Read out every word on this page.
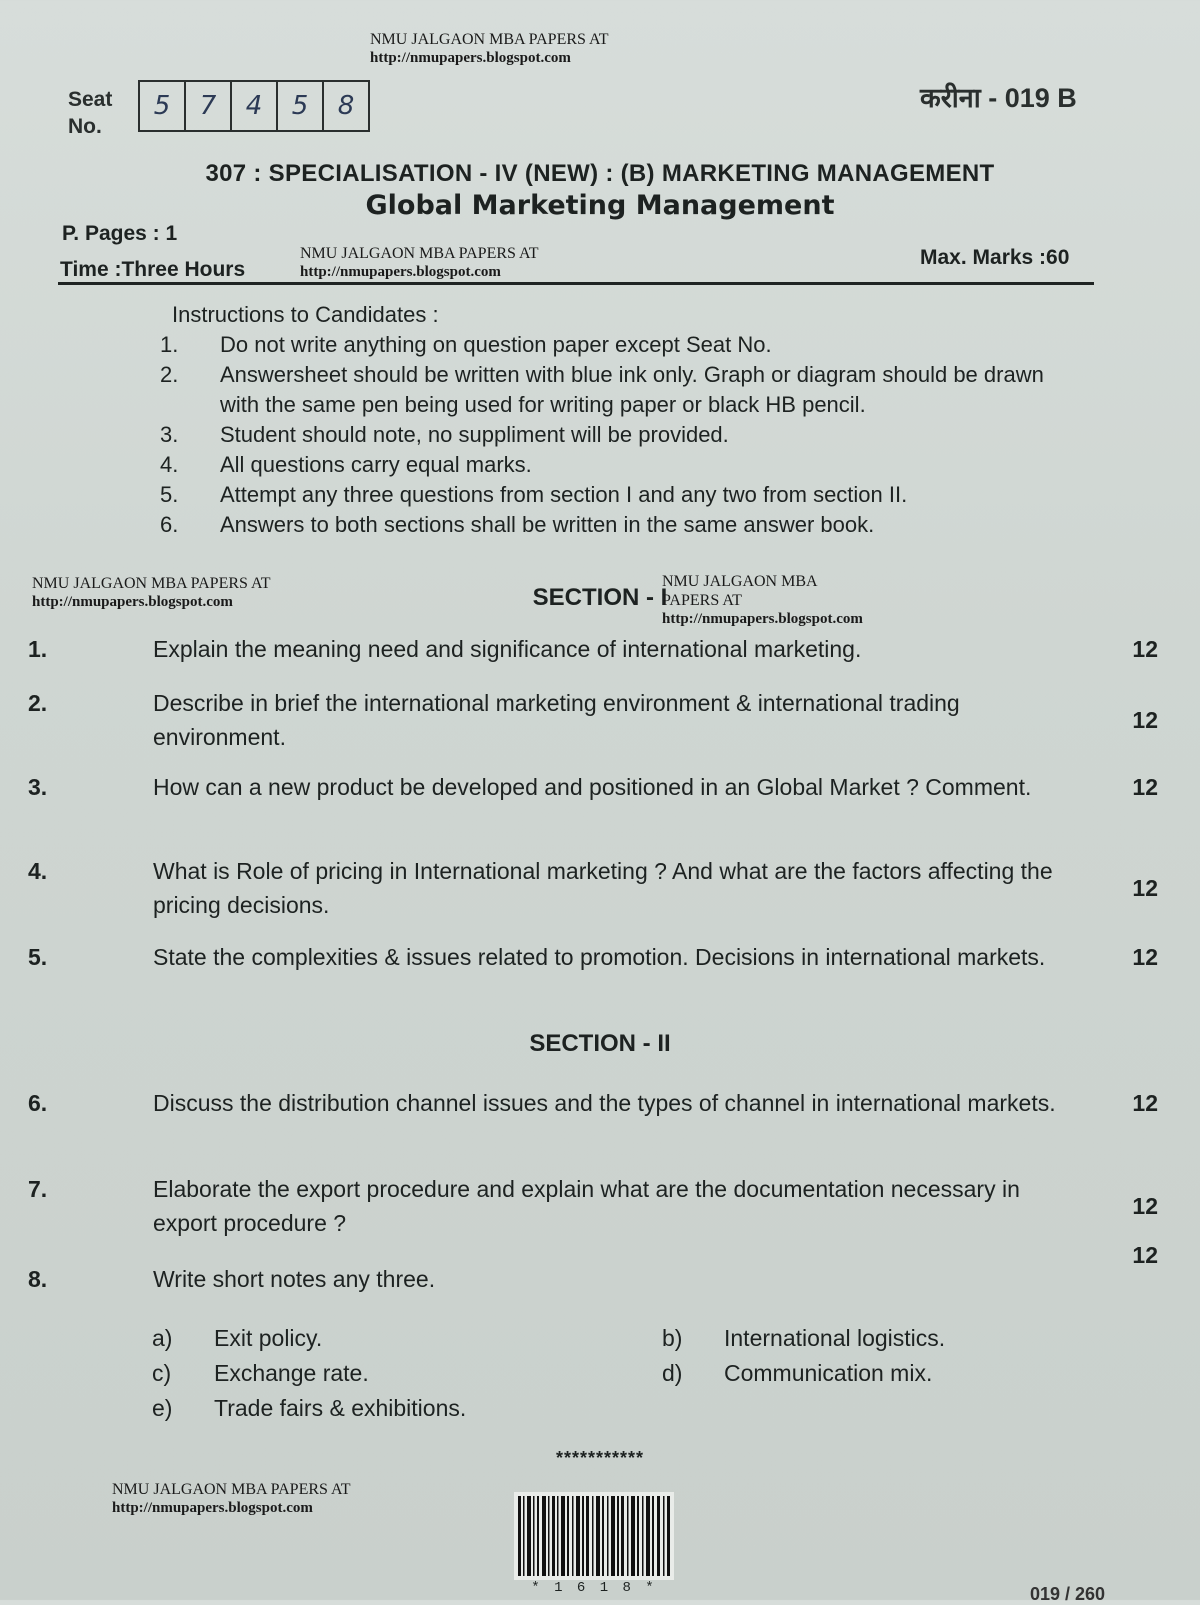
NMU JALGAON MBA PAPERS AT
http://nmupapers.blogspot.com
Seat
No.
5	7	4	5	8	करीना - 019 B
307 : SPECIALISATION - IV (NEW) : (B) MARKETING MANAGEMENT
Global Marketing Management
P. Pages : 1
Time :Three Hours
NMU JALGAON MBA PAPERS AT
http://nmupapers.blogspot.com
Max. Marks :60
Instructions to Candidates :
1.	Do not write anything on question paper except Seat No.
2.	Answersheet should be written with blue ink only. Graph or diagram should be drawn with the same pen being used for writing paper or black HB pencil.
3.	Student should note, no suppliment will be provided.
4.	All questions carry equal marks.
5.	Attempt any three questions from section I and any two from section II.
6.	Answers to both sections shall be written in the same answer book.
NMU JALGAON MBA PAPERS AT
http://nmupapers.blogspot.com	SECTION - I
NMU JALGAON MBA
PAPERS AT
http://nmupapers.blogspot.com
1.	Explain the meaning need and significance of international marketing.	12
2.	Describe in brief the international marketing environment & international trading environment.
12
3.	How can a new product be developed and positioned in an Global Market ? Comment.	12
4.	What is Role of pricing in International marketing ? And what are the factors affecting the pricing decisions.
12
5.	State the complexities & issues related to promotion. Decisions in international markets.	12
SECTION - II
6.	Discuss the distribution channel issues and the types of channel in international markets.	12
7.	Elaborate the export procedure and explain what are the documentation necessary in export procedure ?
12
8.	Write short notes any three.
12
a)	Exit policy.	b)	International logistics.
c)	Exchange rate.	d)	Communication mix.
e)	Trade fairs & exhibitions.
***********
NMU JALGAON MBA PAPERS AT
http://nmupapers.blogspot.com
* 1 6 1 8 *	019 / 260
